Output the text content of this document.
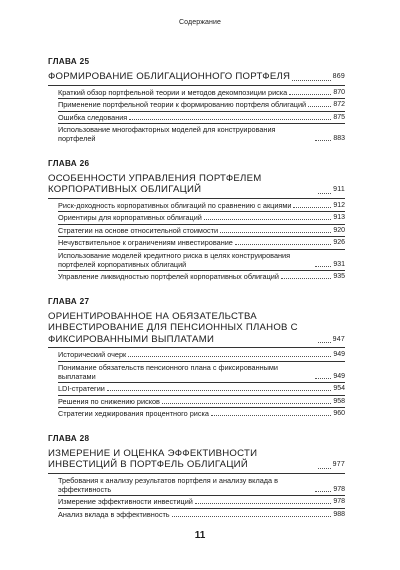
Содержание
ГЛАВА 25
ФОРМИРОВАНИЕ ОБЛИГАЦИОННОГО ПОРТФЕЛЯ	869
Краткий обзор портфельной теории и методов декомпозиции риска	870
Применение портфельной теории к формированию портфеля облигаций	872
Ошибка следования	875
Использование многофакторных моделей для конструирования портфелей	883
ГЛАВА 26
ОСОБЕННОСТИ УПРАВЛЕНИЯ ПОРТФЕЛЕМ КОРПОРАТИВНЫХ ОБЛИГАЦИЙ	911
Риск-доходность корпоративных облигаций по сравнению с акциями	912
Ориентиры для корпоративных облигаций	913
Стратегии на основе относительной стоимости	920
Нечувствительное к ограничениям инвестирование	926
Использование моделей кредитного риска в целях конструирования портфелей корпоративных облигаций	931
Управление ликвидностью портфелей корпоративных облигаций	935
ГЛАВА 27
ОРИЕНТИРОВАННОЕ НА ОБЯЗАТЕЛЬСТВА ИНВЕСТИРОВАНИЕ ДЛЯ ПЕНСИОННЫХ ПЛАНОВ С ФИКСИРОВАННЫМИ ВЫПЛАТАМИ	947
Исторический очерк	949
Понимание обязательств пенсионного плана с фиксированными выплатами	949
LDI-стратегии	954
Решения по снижению рисков	958
Стратегии хеджирования процентного риска	960
ГЛАВА 28
ИЗМЕРЕНИЕ И ОЦЕНКА ЭФФЕКТИВНОСТИ ИНВЕСТИЦИЙ В ПОРТФЕЛЬ ОБЛИГАЦИЙ	977
Требования к анализу результатов портфеля и анализу вклада в эффективность	978
Измерение эффективности инвестиций	978
Анализ вклада в эффективность	988
11
